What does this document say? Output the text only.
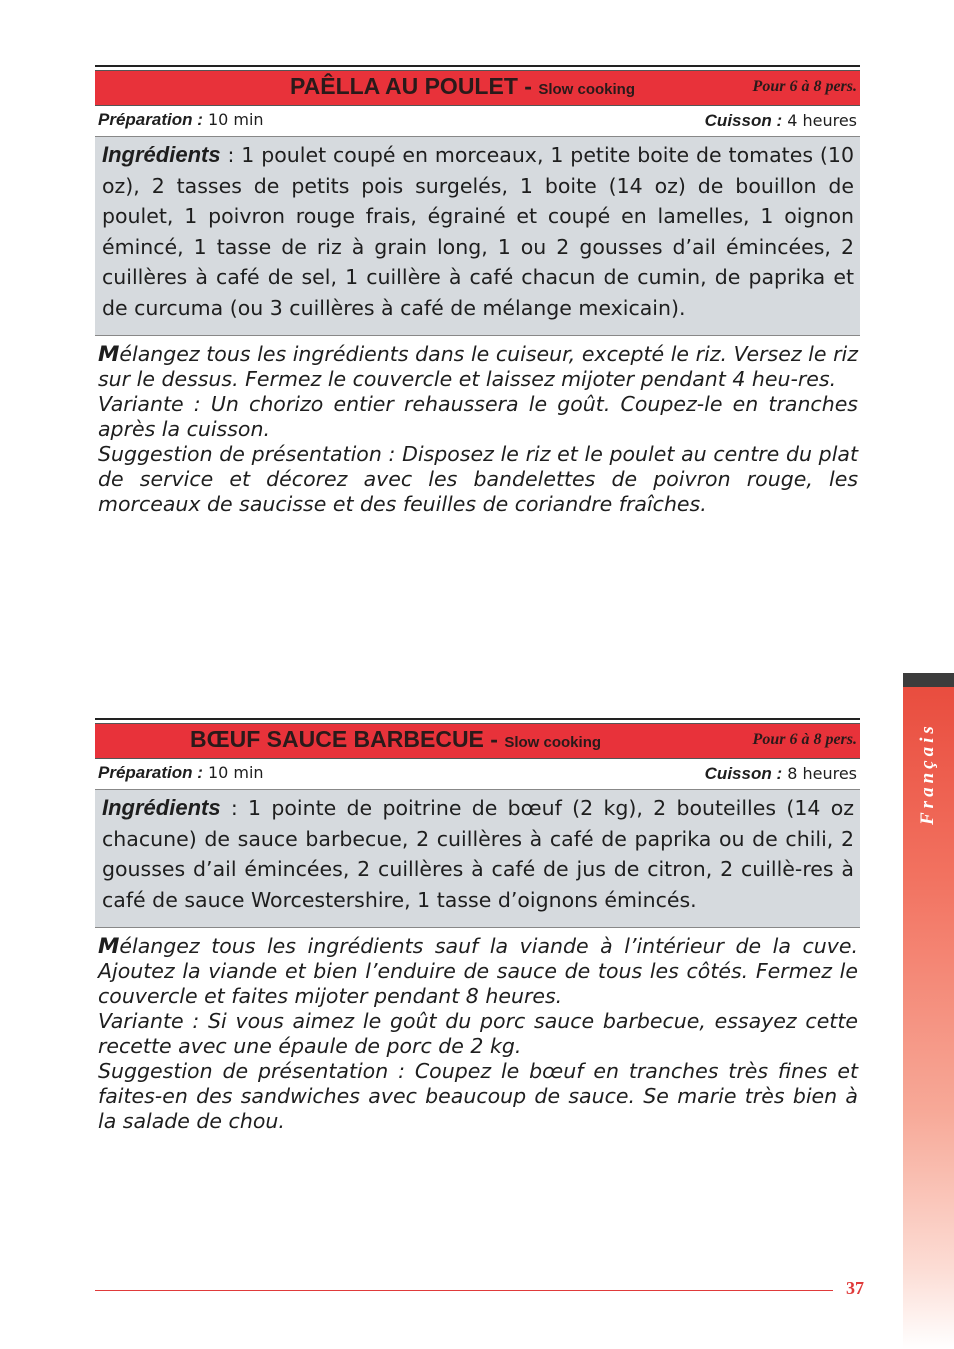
PAÊLLA AU POULET - Slow cooking	Pour 6 à 8 pers.
Préparation : 10 min	Cuisson : 4 heures
Ingrédients : 1 poulet coupé en morceaux, 1 petite boite de tomates (10 oz), 2 tasses de petits pois surgelés, 1 boite (14 oz) de bouillon de poulet, 1 poivron rouge frais, égrainé et coupé en lamelles, 1 oignon émincé, 1 tasse de riz à grain long, 1 ou 2 gousses d’ail émincées, 2 cuillères à café de sel, 1 cuillère à café chacun de cumin, de paprika et de curcuma (ou 3 cuillères à café de mélange mexicain).

Mélangez tous les ingrédients dans le cuiseur, excepté le riz. Versez le riz sur le dessus. Fermez le couvercle et laissez mijoter pendant 4 heu-res.

Variante : Un chorizo entier rehaussera le goût. Coupez-le en tranches après la cuisson.

Suggestion de présentation : Disposez le riz et le poulet au centre du plat de service et décorez avec les bandelettes de poivron rouge, les morceaux de saucisse et des feuilles de coriandre fraîches.

BŒUF SAUCE BARBECUE - Slow cooking	Pour 6 à 8 pers.
Préparation : 10 min	Cuisson : 8 heures
Ingrédients : 1 pointe de poitrine de bœuf (2 kg), 2 bouteilles (14 oz chacune) de sauce barbecue, 2 cuillères à café de paprika ou de chili, 2 gousses d’ail émincées, 2 cuillères à café de jus de citron, 2 cuillè-res à café de sauce Worcestershire, 1 tasse d’oignons émincés.

Mélangez tous les ingrédients sauf la viande à l’intérieur de la cuve. Ajoutez la viande et bien l’enduire de sauce de tous les côtés. Fermez le couvercle et faites mijoter pendant 8 heures.

Variante : Si vous aimez le goût du porc sauce barbecue, essayez cette recette avec une épaule de porc de 2 kg.

Suggestion de présentation : Coupez le bœuf en tranches très fines et faites-en des sandwiches avec beaucoup de sauce. Se marie très bien à la salade de chou.

Français
37
